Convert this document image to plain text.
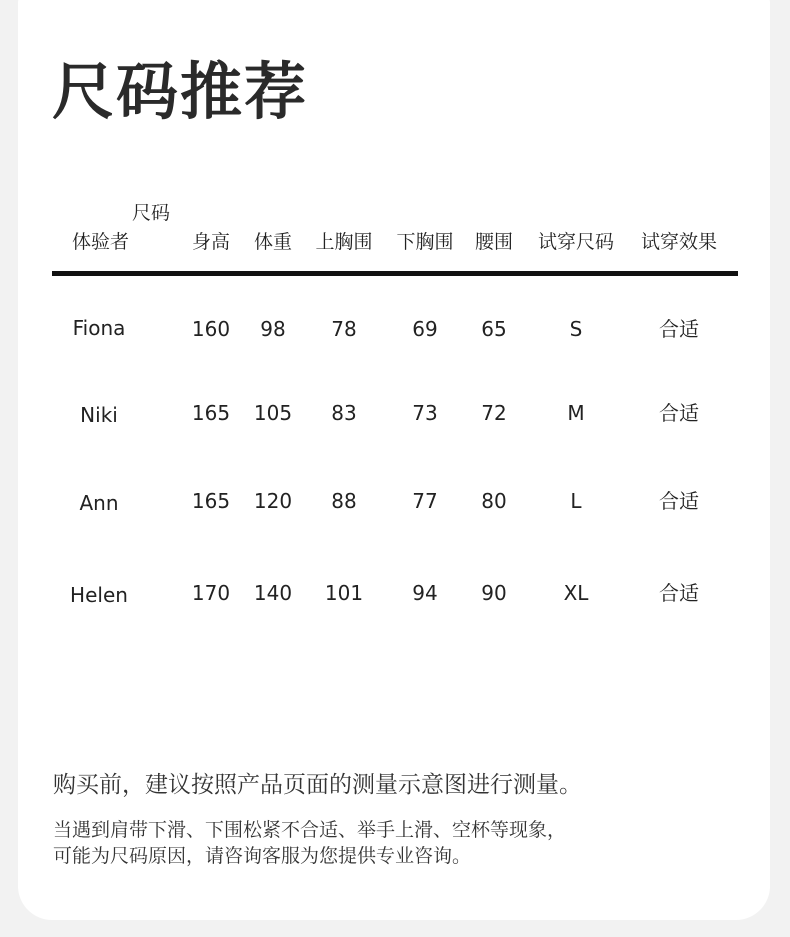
尺码推荐
尺码
体验者	身高 体重 上胸围 下胸围 腰围 试穿尺码 试穿效果
Fiona	160 98 78	69 65	S	合适
Niki	165 105 83	73 72	M	合适
Ann	165 120 88	77 80	L	合适
Helen	170 140 101 94 90	XL	合适
购买前，建议按照产品页面的测量示意图进行测量。
当遇到肩带下滑、下围松紧不合适、举手上滑、空杯等现象，
可能为尺码原因，请咨询客服为您提供专业咨询。
